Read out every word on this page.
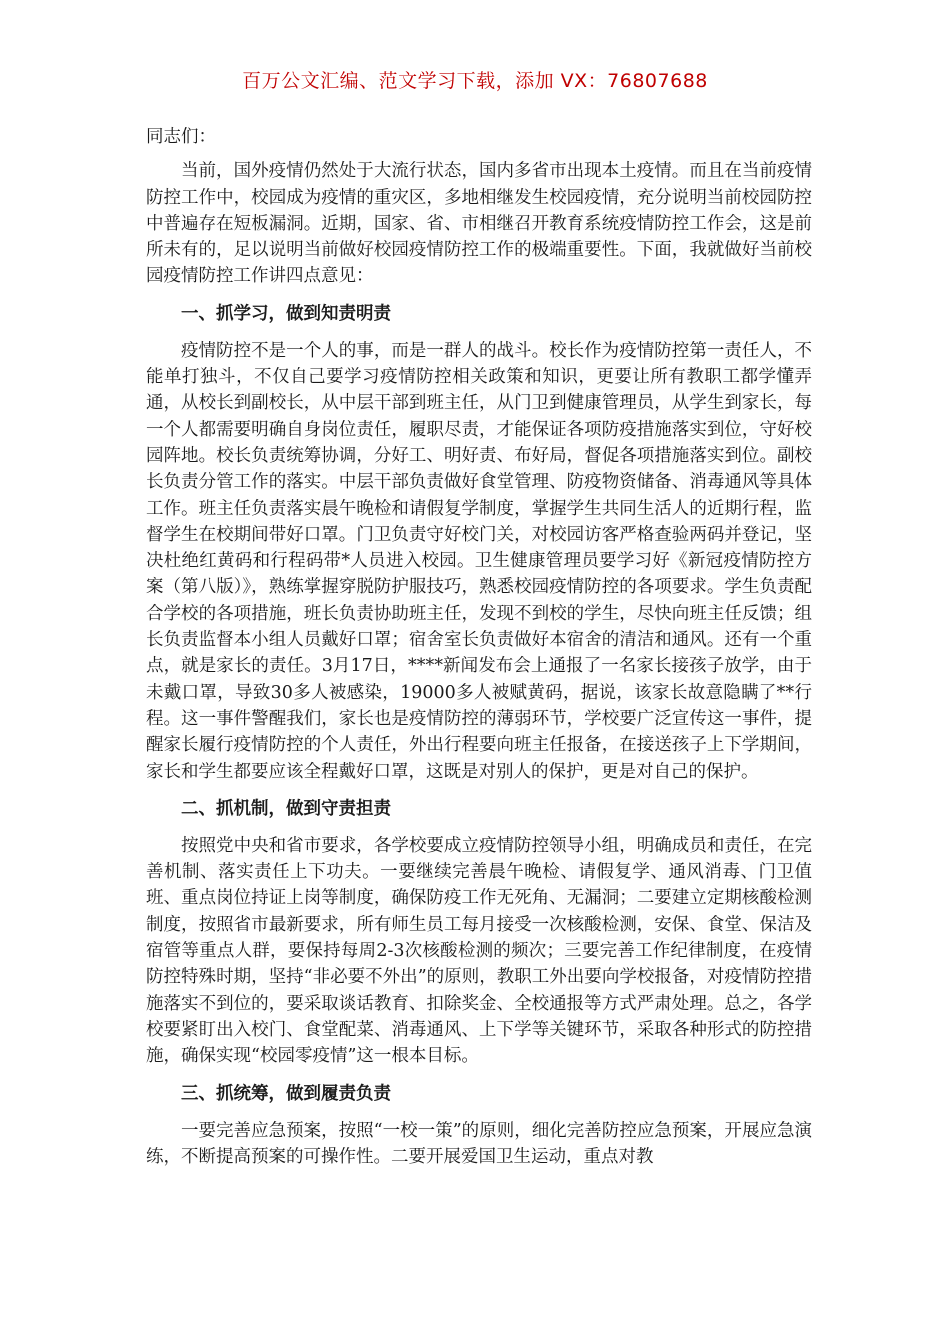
百万公文汇编、范文学习下载，添加 VX：76807688

同志们：

当前，国外疫情仍然处于大流行状态，国内多省市出现本土疫情。而且在当前疫情防控工作中，校园成为疫情的重灾区，多地相继发生校园疫情，充分说明当前校园防控中普遍存在短板漏洞。近期，国家、省、市相继召开教育系统疫情防控工作会，这是前所未有的，足以说明当前做好校园疫情防控工作的极端重要性。下面，我就做好当前校园疫情防控工作讲四点意见：

一、抓学习，做到知责明责

疫情防控不是一个人的事，而是一群人的战斗。校长作为疫情防控第一责任人，不能单打独斗，不仅自己要学习疫情防控相关政策和知识，更要让所有教职工都学懂弄通，从校长到副校长，从中层干部到班主任，从门卫到健康管理员，从学生到家长，每一个人都需要明确自身岗位责任，履职尽责，才能保证各项防疫措施落实到位，守好校园阵地。校长负责统筹协调，分好工、明好责、布好局，督促各项措施落实到位。副校长负责分管工作的落实。中层干部负责做好食堂管理、防疫物资储备、消毒通风等具体工作。班主任负责落实晨午晚检和请假复学制度，掌握学生共同生活人的近期行程，监督学生在校期间带好口罩。门卫负责守好校门关，对校园访客严格查验两码并登记，坚决杜绝红黄码和行程码带*人员进入校园。卫生健康管理员要学习好《新冠疫情防控方案（第八版）》，熟练掌握穿脱防护服技巧，熟悉校园疫情防控的各项要求。学生负责配合学校的各项措施，班长负责协助班主任，发现不到校的学生，尽快向班主任反馈；组长负责监督本小组人员戴好口罩；宿舍室长负责做好本宿舍的清洁和通风。还有一个重点，就是家长的责任。3月17日，****新闻发布会上通报了一名家长接孩子放学，由于未戴口罩，导致30多人被感染，19000多人被赋黄码，据说，该家长故意隐瞒了**行程。这一事件警醒我们，家长也是疫情防控的薄弱环节，学校要广泛宣传这一事件，提醒家长履行疫情防控的个人责任，外出行程要向班主任报备，在接送孩子上下学期间，家长和学生都要应该全程戴好口罩，这既是对别人的保护，更是对自己的保护。

二、抓机制，做到守责担责

按照党中央和省市要求，各学校要成立疫情防控领导小组，明确成员和责任，在完善机制、落实责任上下功夫。一要继续完善晨午晚检、请假复学、通风消毒、门卫值班、重点岗位持证上岗等制度，确保防疫工作无死角、无漏洞；二要建立定期核酸检测制度，按照省市最新要求，所有师生员工每月接受一次核酸检测，安保、食堂、保洁及宿管等重点人群，要保持每周2-3次核酸检测的频次；三要完善工作纪律制度，在疫情防控特殊时期，坚持“非必要不外出”的原则，教职工外出要向学校报备，对疫情防控措施落实不到位的，要采取谈话教育、扣除奖金、全校通报等方式严肃处理。总之，各学校要紧盯出入校门、食堂配菜、消毒通风、上下学等关键环节，采取各种形式的防控措施，确保实现“校园零疫情”这一根本目标。

三、抓统筹，做到履责负责

一要完善应急预案，按照“一校一策”的原则，细化完善防控应急预案，开展应急演练，不断提高预案的可操作性。二要开展爱国卫生运动，重点对教
